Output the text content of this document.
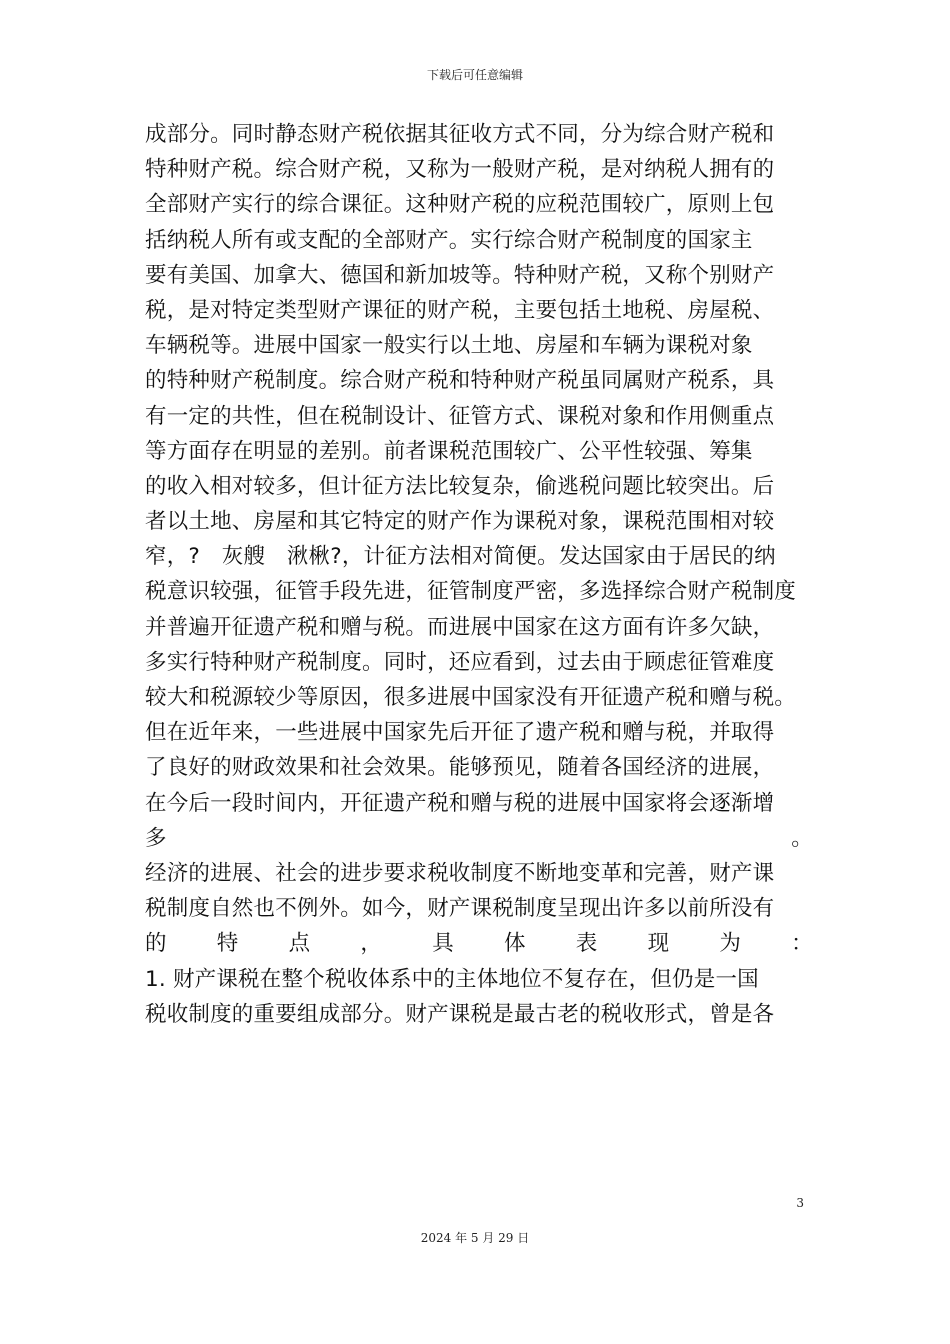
下载后可任意编辑
成部分。同时静态财产税依据其征收方式不同，分为综合财产税和
特种财产税。综合财产税，又称为一般财产税，是对纳税人拥有的
全部财产实行的综合课征。这种财产税的应税范围较广，原则上包
括纳税人所有或支配的全部财产。实行综合财产税制度的国家主
要有美国、加拿大、德国和新加坡等。特种财产税，又称个别财产
税，是对特定类型财产课征的财产税，主要包括土地税、房屋税、
车辆税等。进展中国家一般实行以土地、房屋和车辆为课税对象
的特种财产税制度。综合财产税和特种财产税虽同属财产税系，具
有一定的共性，但在税制设计、征管方式、课税对象和作用侧重点
等方面存在明显的差别。前者课税范围较广、公平性较强、筹集
的收入相对较多，但计征方法比较复杂，偷逃税问题比较突出。后
者以土地、房屋和其它特定的财产作为课税对象，课税范围相对较
窄，?　灰艘　湫楸?，计征方法相对简便。发达国家由于居民的纳
税意识较强，征管手段先进，征管制度严密，多选择综合财产税制度
并普遍开征遗产税和赠与税。而进展中国家在这方面有许多欠缺，
多实行特种财产税制度。同时，还应看到，过去由于顾虑征管难度
较大和税源较少等原因，很多进展中国家没有开征遗产税和赠与税。
但在近年来，一些进展中国家先后开征了遗产税和赠与税，并取得
了良好的财政效果和社会效果。能够预见，随着各国经济的进展，
在今后一段时间内，开征遗产税和赠与税的进展中国家将会逐渐增
多	。
经济的进展、社会的进步要求税收制度不断地变革和完善，财产课
税制度自然也不例外。如今，财产课税制度呈现出许多以前所没有
的 特 点 ， 具 体 表 现 为 ：
1. 财产课税在整个税收体系中的主体地位不复存在，但仍是一国
税收制度的重要组成部分。财产课税是最古老的税收形式，曾是各
3
2024 年 5 月 29 日
